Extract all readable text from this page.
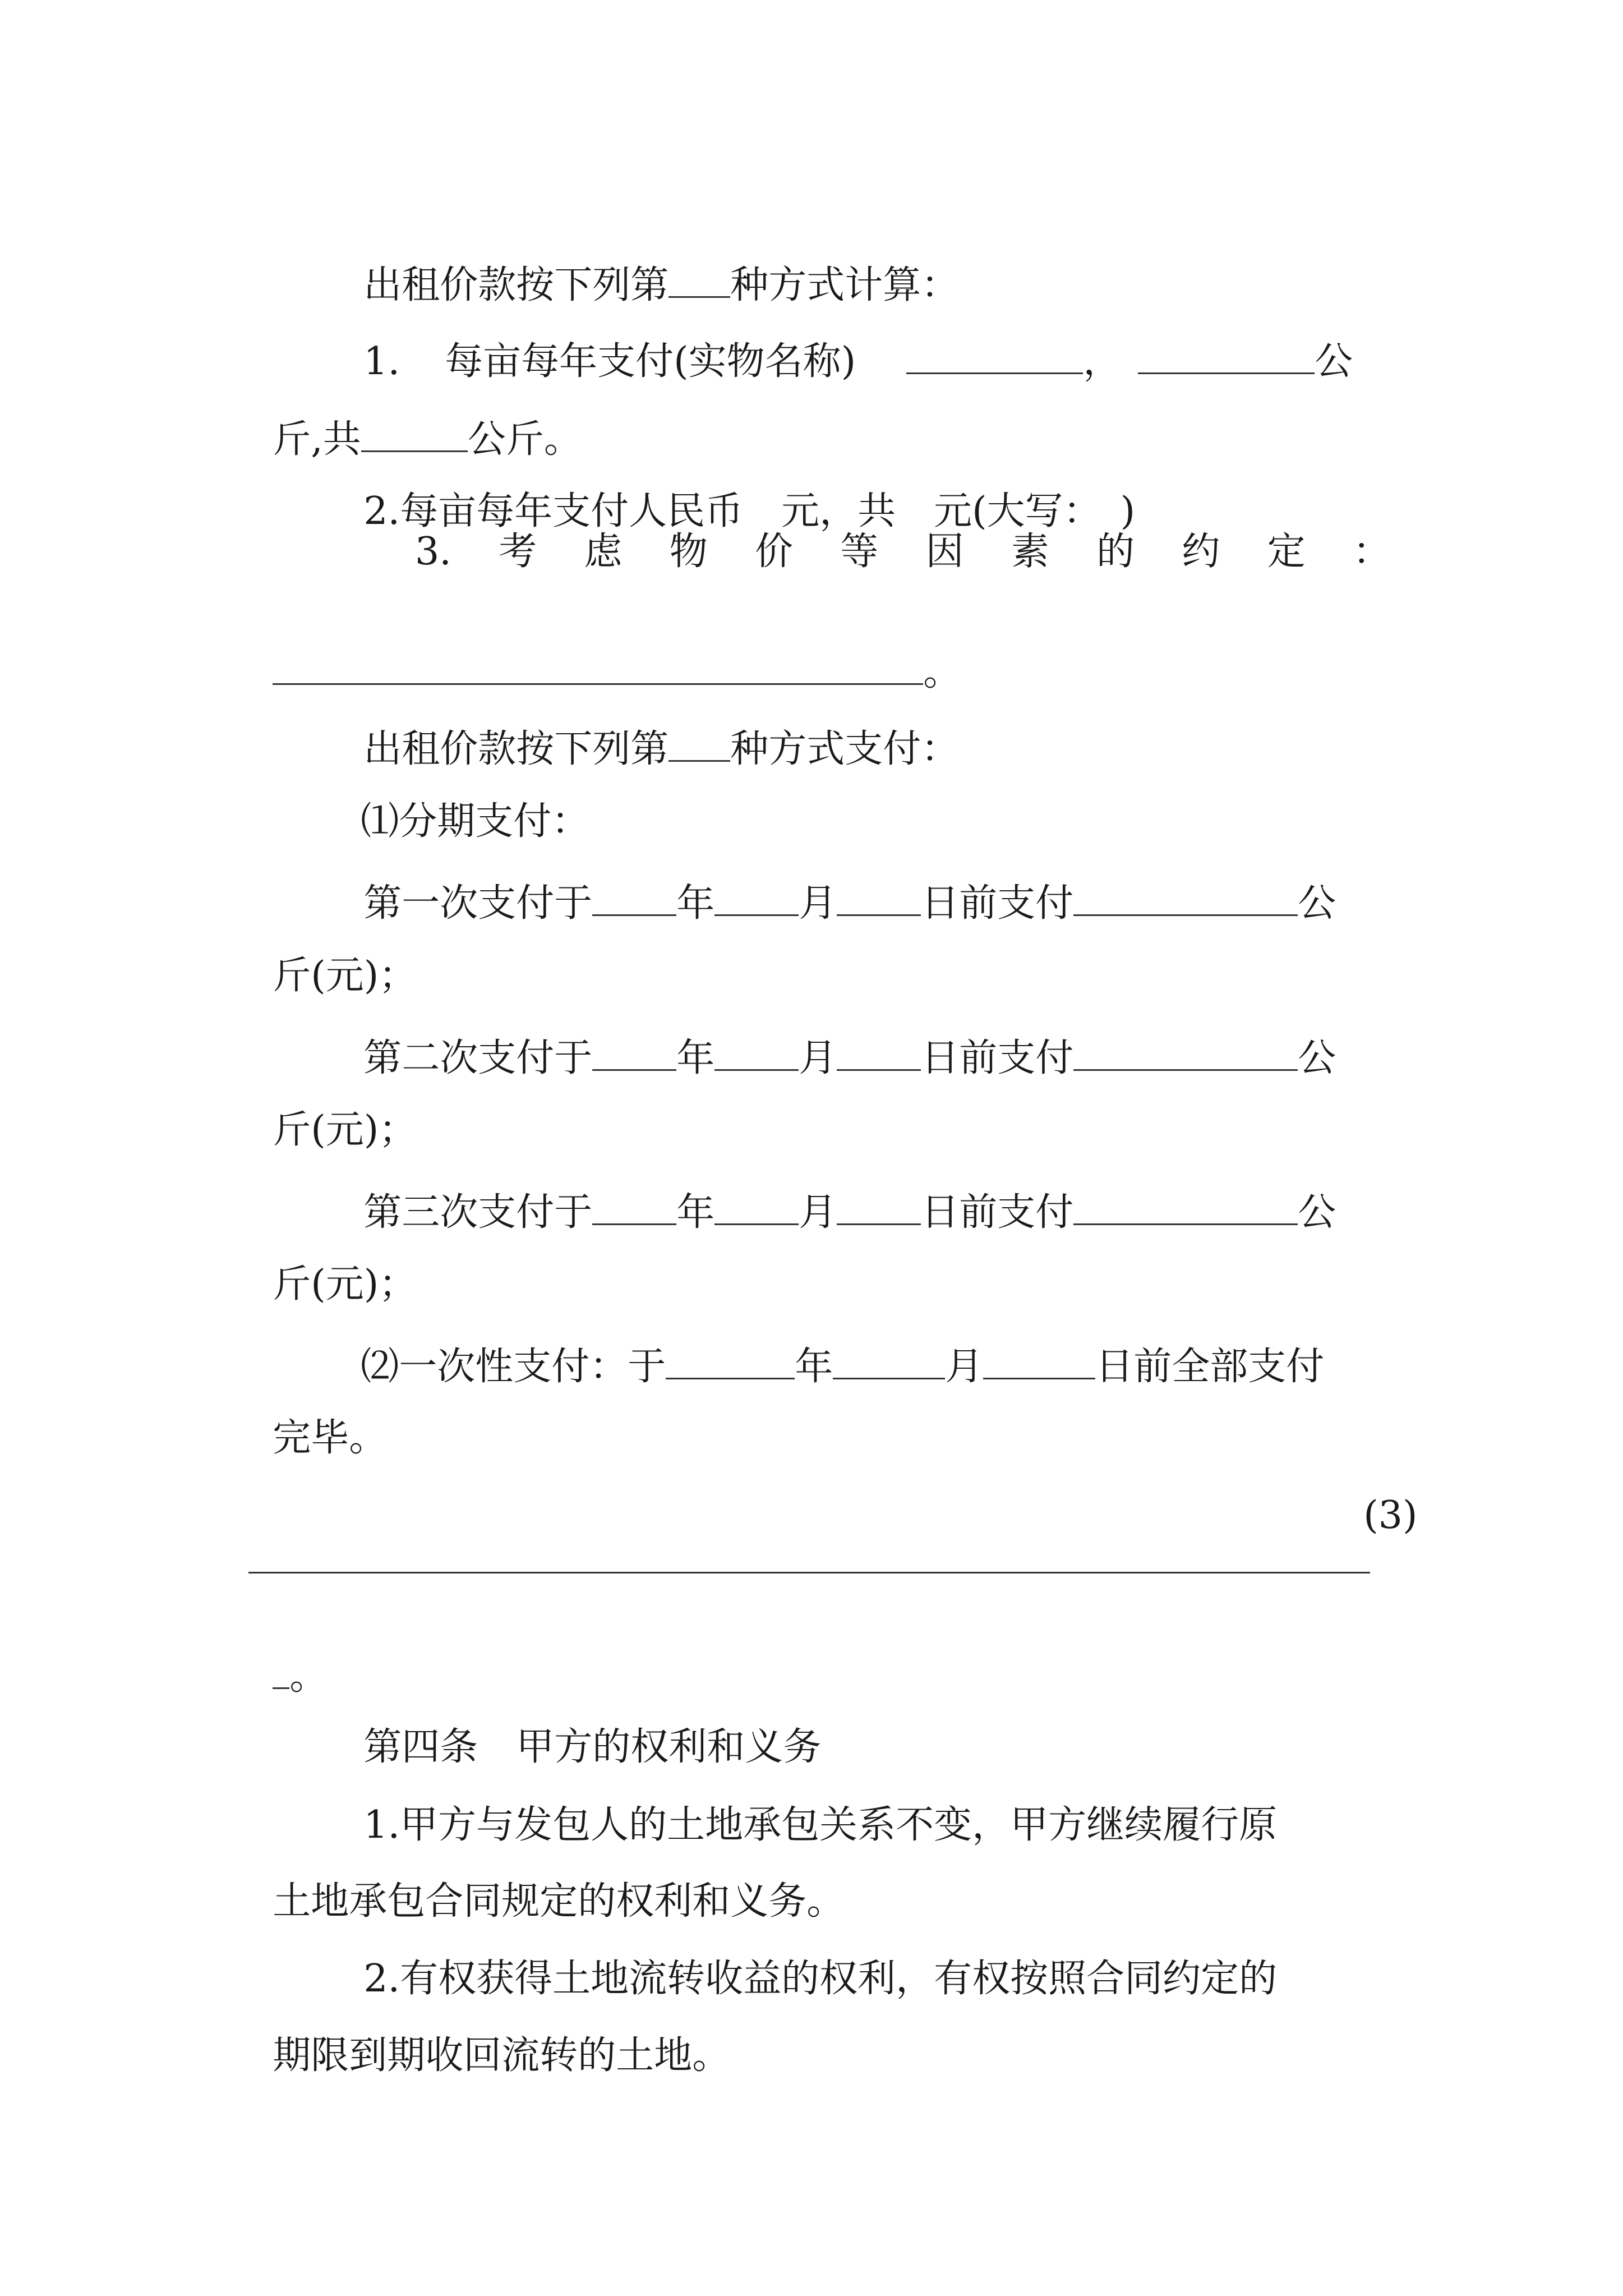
出租价款按下列第 种方式计算：

1. 每亩每年支付(实物名称)	，	公

斤,共	公斤。

2.每亩每年支付人民币　元，共　元(大写：　)

3. 考 虑 物 价 等 因 素 的 约 定 ：

。

出租价款按下列第 种方式支付：

⑴分期支付：

第一次支付于 年 月 日前支付	公

斤(元)；

第二次支付于 年 月 日前支付	公

斤(元)；

第三次支付于 年 月 日前支付	公

斤(元)；

⑵一次性支付：于	年	月	日前全部支付

完毕。

(3)

。

第四条　甲方的权利和义务

1.甲方与发包人的土地承包关系不变，甲方继续履行原

土地承包合同规定的权利和义务。

2.有权获得土地流转收益的权利，有权按照合同约定的

期限到期收回流转的土地。
